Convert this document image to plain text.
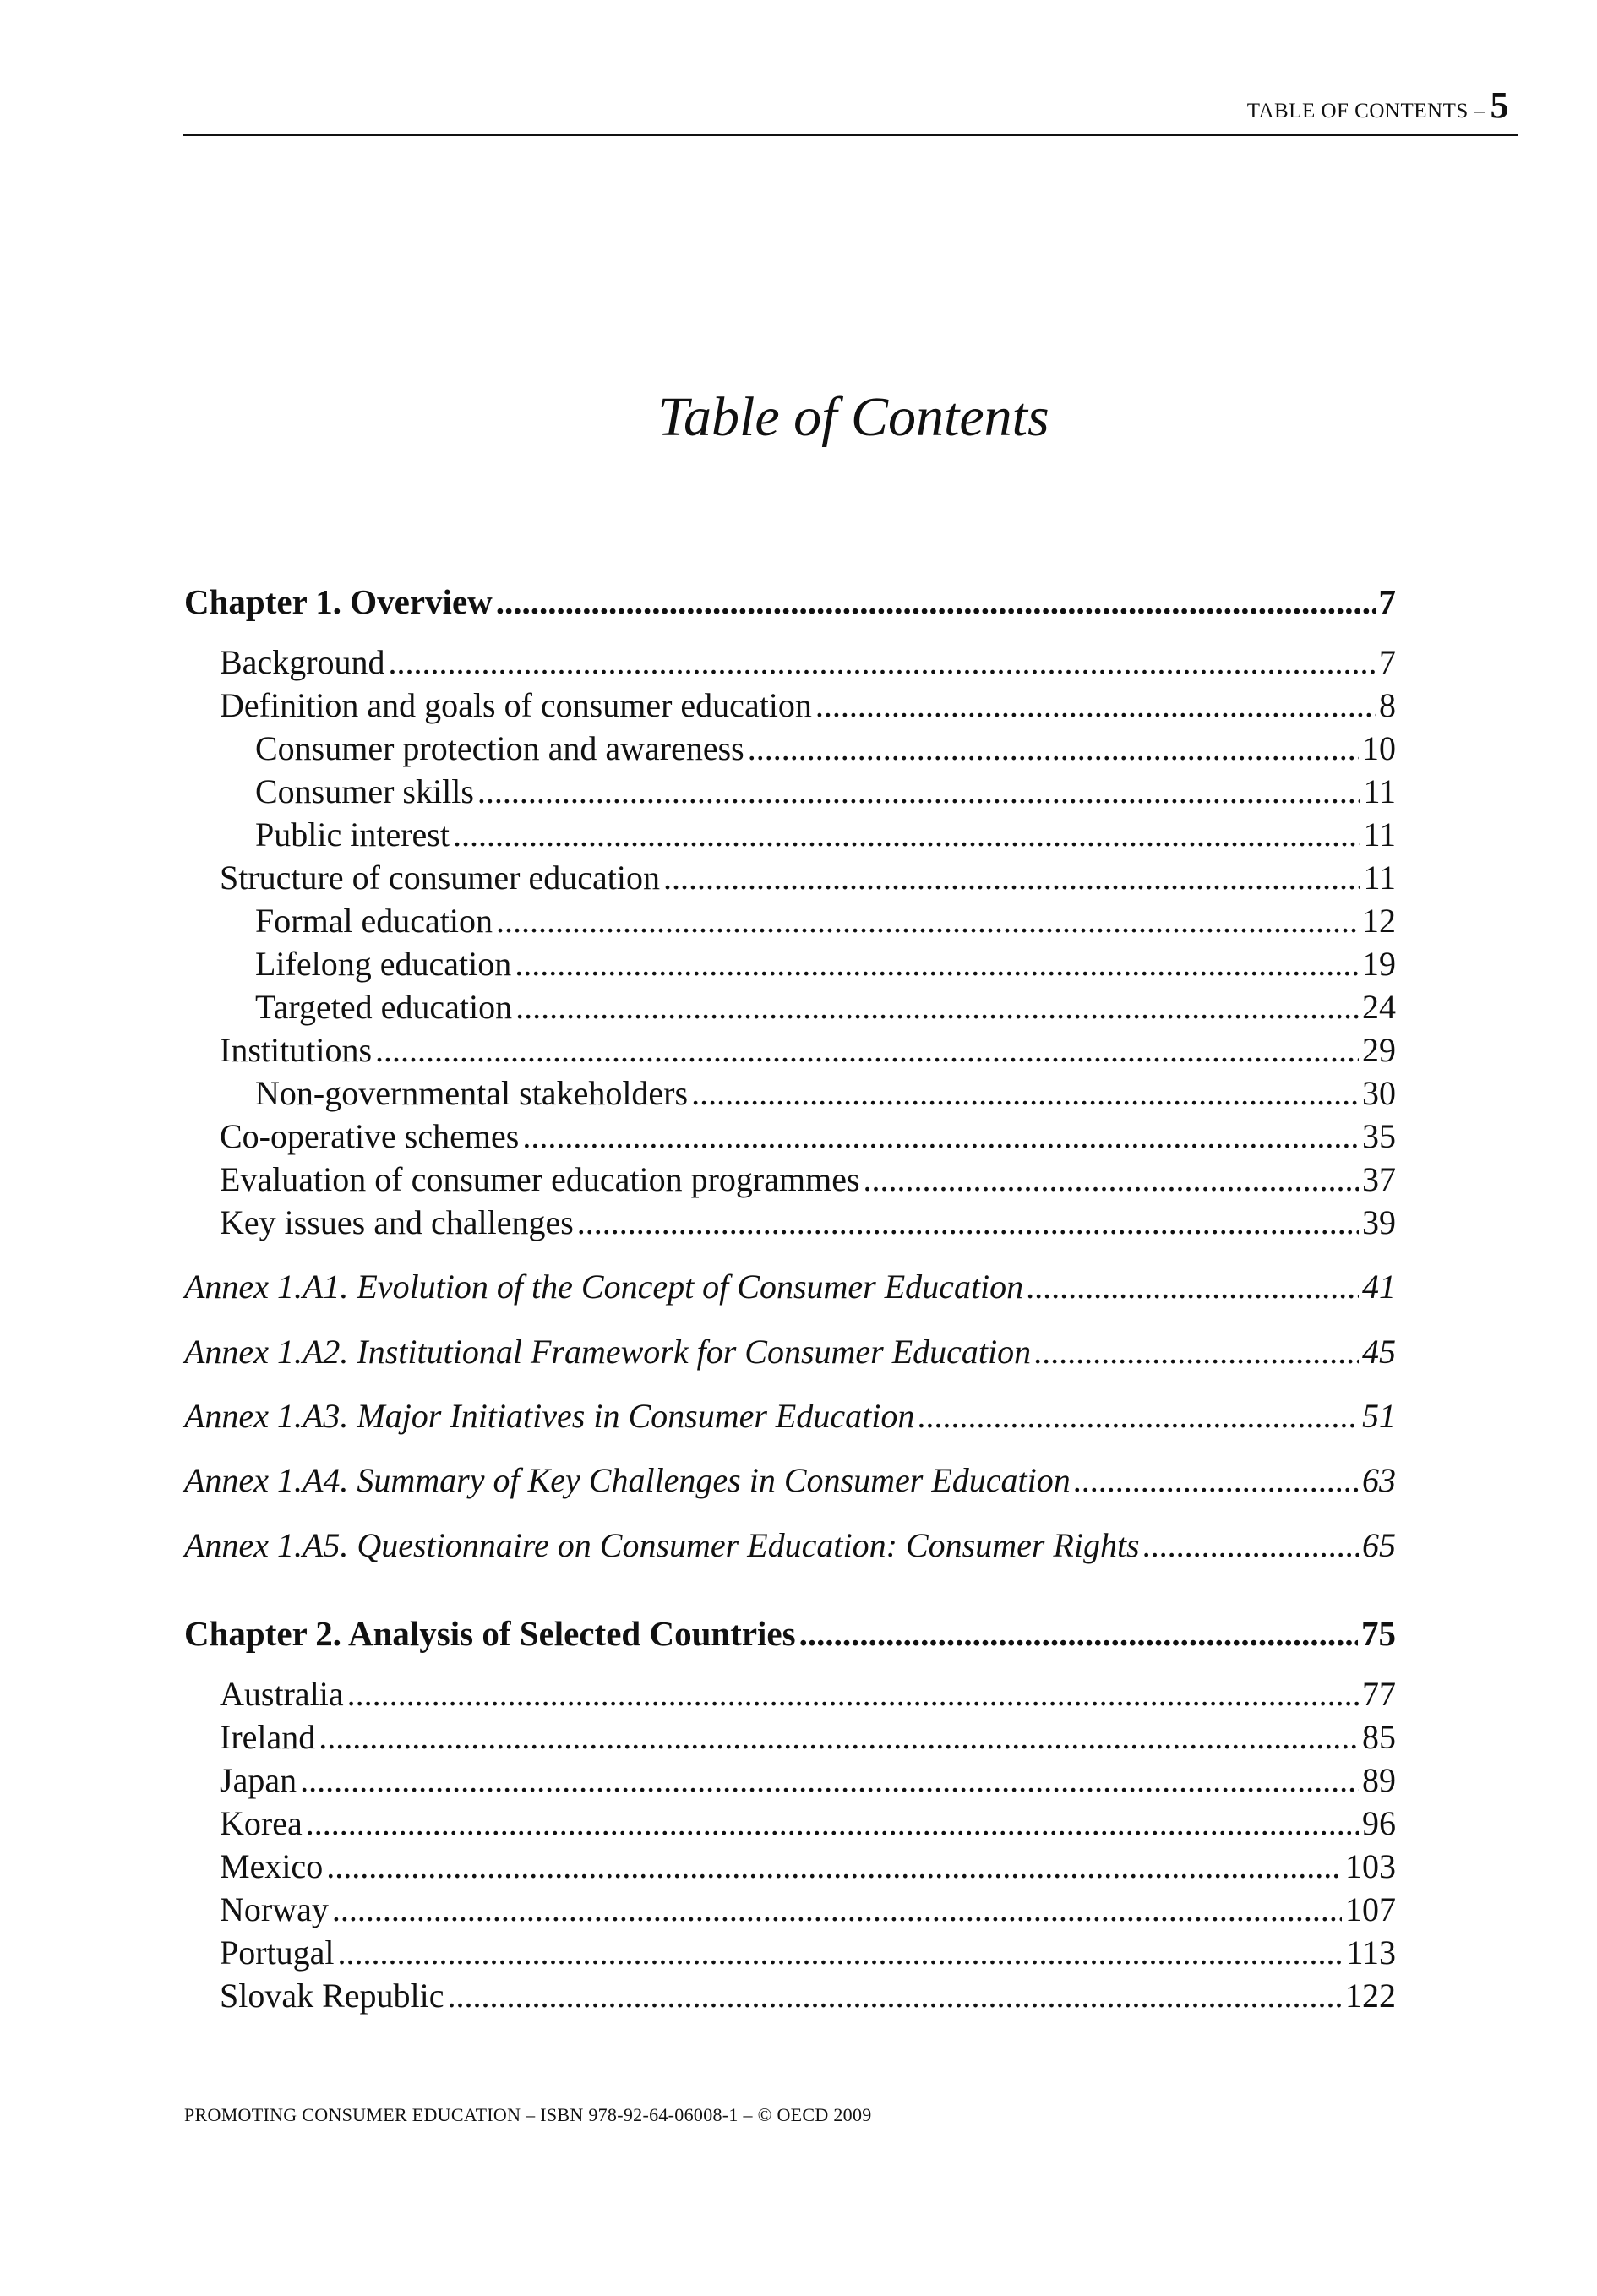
TABLE OF CONTENTS – 5
Table of Contents
Chapter 1. Overview .....	7
Background .....	7
Definition and goals of consumer education .....	8
Consumer protection and awareness .....	10
Consumer skills .....	11
Public interest .....	11
Structure of consumer education .....	11
Formal education .....	12
Lifelong education .....	19
Targeted education .....	24
Institutions .....	29
Non-governmental stakeholders .....	30
Co-operative schemes .....	35
Evaluation of consumer education programmes .....	37
Key issues and challenges .....	39
Annex 1.A1. Evolution of the Concept of Consumer Education .....	41
Annex 1.A2. Institutional Framework for Consumer Education .....	45
Annex 1.A3. Major Initiatives in Consumer Education .....	51
Annex 1.A4. Summary of Key Challenges in Consumer Education .....	63
Annex 1.A5. Questionnaire on Consumer Education: Consumer Rights .....	65
Chapter 2. Analysis of Selected Countries .....	75
Australia .....	77
Ireland .....	85
Japan .....	89
Korea .....	96
Mexico .....	103
Norway .....	107
Portugal .....	113
Slovak Republic .....	122
PROMOTING CONSUMER EDUCATION – ISBN 978-92-64-06008-1 – © OECD 2009
